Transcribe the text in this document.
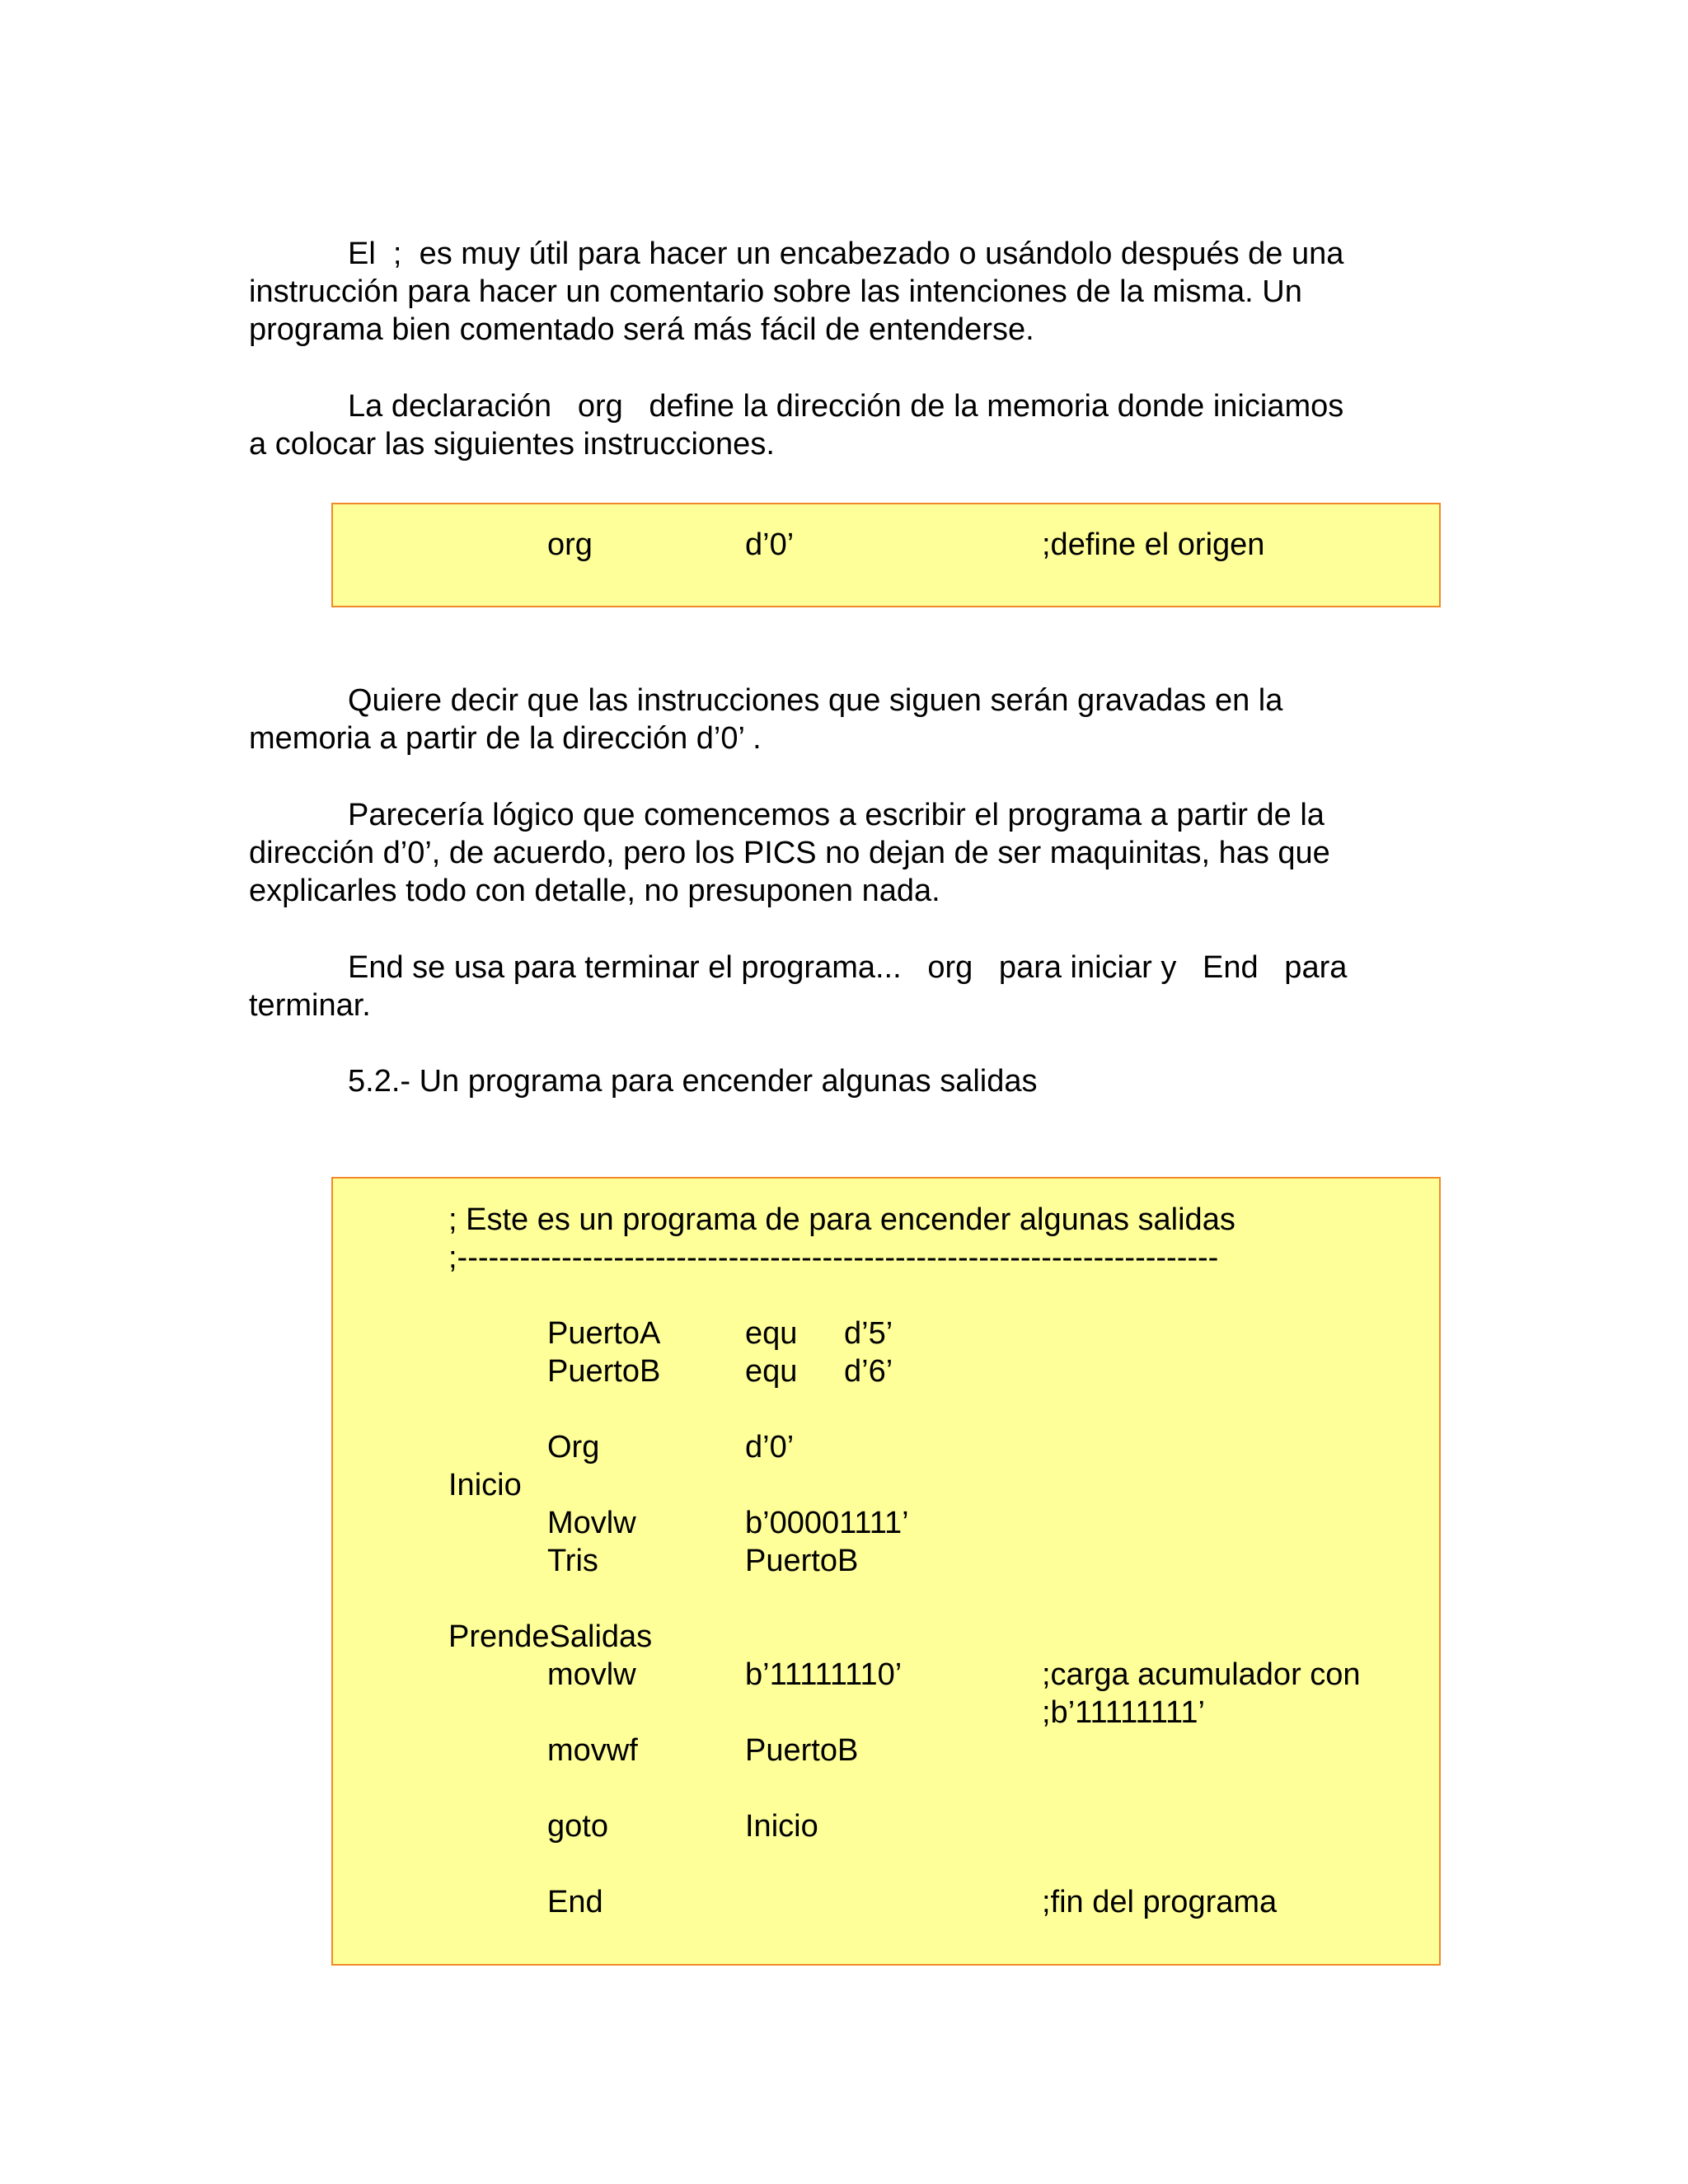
El  ;  es muy útil para hacer un encabezado o usándolo después de una
instrucción para hacer un comentario sobre las intenciones de la misma. Un
programa bien comentado será más fácil de entenderse.
La declaración   org   define la dirección de la memoria donde iniciamos
a colocar las siguientes instrucciones.
org	d’0’	;define el origen
Quiere decir que las instrucciones que siguen serán gravadas en la
memoria a partir de la dirección d’0’ .
Parecería lógico que comencemos a escribir el programa a partir de la
dirección d’0’, de acuerdo, pero los PICS no dejan de ser maquinitas, has que
explicarles todo con detalle, no presuponen nada.
End se usa para terminar el programa...   org   para iniciar y   End   para
terminar.
5.2.- Un programa para encender algunas salidas
; Este es un programa de para encender algunas salidas
;-------------------------------------------------------------------------
PuertoA	equ d’5’
PuertoB	equ d’6’
Org	d’0’
Inicio
Movlw	b’00001111’
Tris	PuertoB
PrendeSalidas
movlw	b’11111110’	;carga acumulador con
;b’11111111’
movwf	PuertoB
goto	Inicio
End	;fin del programa
